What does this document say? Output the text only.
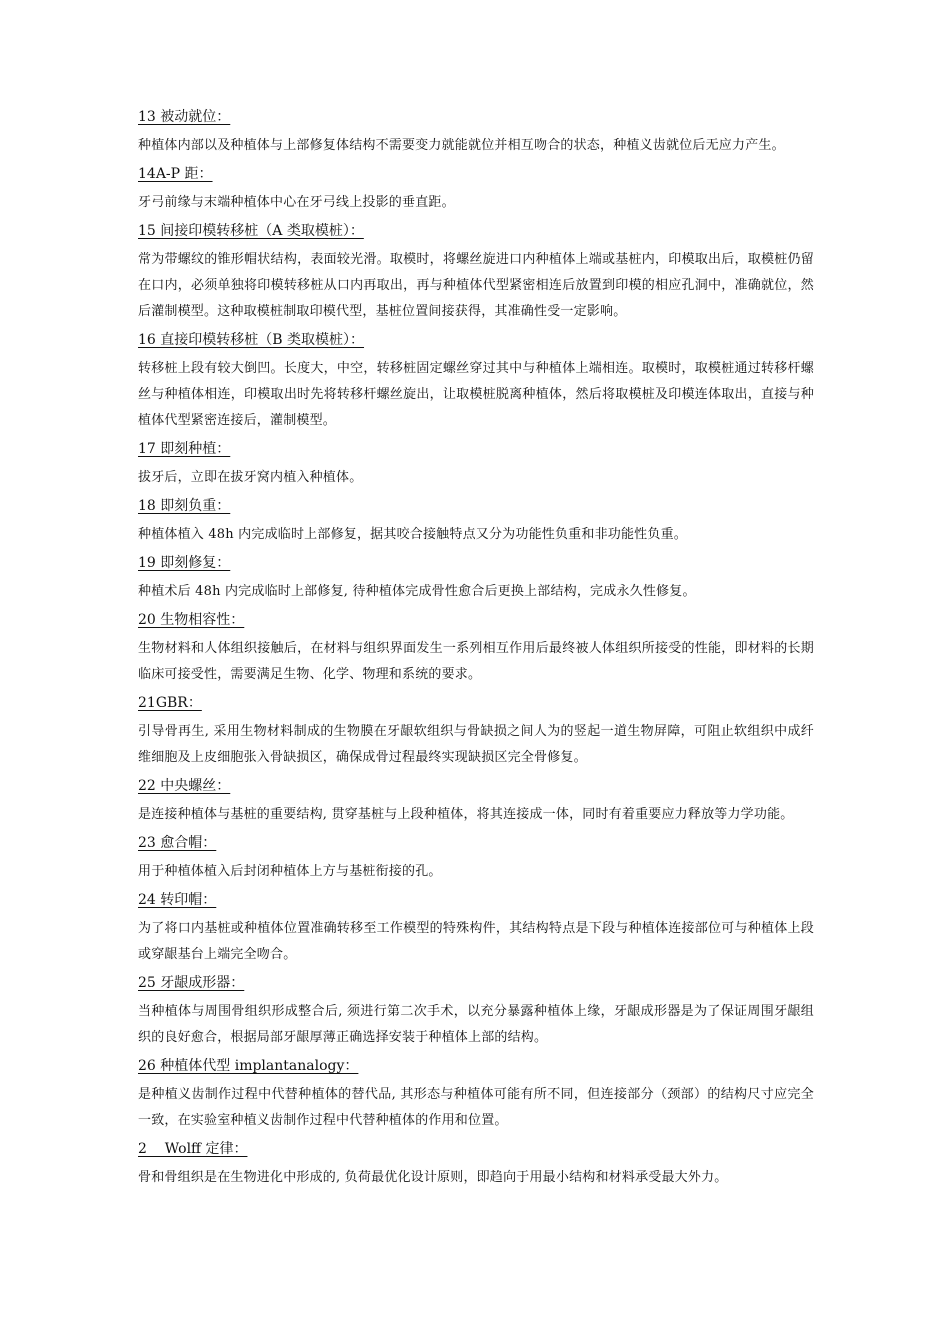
13 被动就位：

种植体内部以及种植体与上部修复体结构不需要变力就能就位并相互吻合的状态，种植义齿就位后无应力产生。

14A-P 距：

牙弓前缘与末端种植体中心在牙弓线上投影的垂直距。

15 间接印模转移桩（A 类取模桩）：

常为带螺纹的锥形帽状结构，表面较光滑。取模时，将螺丝旋进口内种植体上端或基桩内，印模取出后，取模桩仍留在口内，必须单独将印模转移桩从口内再取出，再与种植体代型紧密相连后放置到印模的相应孔洞中，准确就位，然后灌制模型。这种取模桩制取印模代型，基桩位置间接获得，其准确性受一定影响。

16 直接印模转移桩（B 类取模桩）：

转移桩上段有较大倒凹。长度大，中空，转移桩固定螺丝穿过其中与种植体上端相连。取模时，取模桩通过转移杆螺丝与种植体相连，印模取出时先将转移杆螺丝旋出，让取模桩脱离种植体，然后将取模桩及印模连体取出，直接与种植体代型紧密连接后，灌制模型。

17 即刻种植：

拔牙后，立即在拔牙窝内植入种植体。

18 即刻负重：

种植体植入 48h 内完成临时上部修复，据其咬合接触特点又分为功能性负重和非功能性负重。

19 即刻修复：

种植术后 48h 内完成临时上部修复, 待种植体完成骨性愈合后更换上部结构，完成永久性修复。

20 生物相容性：

生物材料和人体组织接触后，在材料与组织界面发生一系列相互作用后最终被人体组织所接受的性能，即材料的长期临床可接受性，需要满足生物、化学、物理和系统的要求。

21GBR：

引导骨再生, 采用生物材料制成的生物膜在牙龈软组织与骨缺损之间人为的竖起一道生物屏障，可阻止软组织中成纤维细胞及上皮细胞张入骨缺损区，确保成骨过程最终实现缺损区完全骨修复。

22 中央螺丝：

是连接种植体与基桩的重要结构, 贯穿基桩与上段种植体，将其连接成一体，同时有着重要应力释放等力学功能。

23 愈合帽：

用于种植体植入后封闭种植体上方与基桩衔接的孔。

24 转印帽：

为了将口内基桩或种植体位置准确转移至工作模型的特殊构件，其结构特点是下段与种植体连接部位可与种植体上段或穿龈基台上端完全吻合。

25 牙龈成形器：

当种植体与周围骨组织形成整合后, 须进行第二次手术，以充分暴露种植体上缘，牙龈成形器是为了保证周围牙龈组织的良好愈合，根据局部牙龈厚薄正确选择安装于种植体上部的结构。

26 种植体代型 implantanalogy：

是种植义齿制作过程中代替种植体的替代品, 其形态与种植体可能有所不同，但连接部分（颈部）的结构尺寸应完全一致，在实验室种植义齿制作过程中代替种植体的作用和位置。

2    Wolff 定律：

骨和骨组织是在生物进化中形成的, 负荷最优化设计原则，即趋向于用最小结构和材料承受最大外力。
